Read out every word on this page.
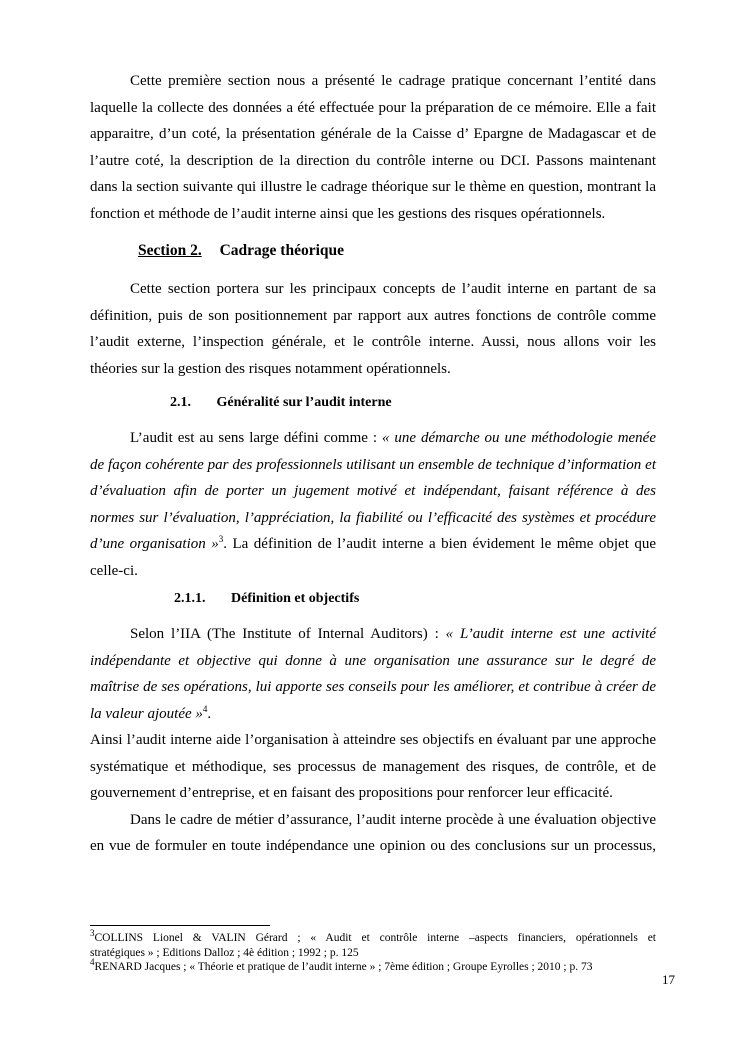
Cette première section nous a présenté le cadrage pratique concernant l’entité dans
laquelle la collecte des données a été effectuée pour la préparation de ce mémoire. Elle a fait
apparaitre, d’un coté, la présentation générale de la Caisse d’ Epargne de Madagascar et de
l’autre coté, la description de la direction du contrôle interne ou DCI. Passons maintenant
dans la section suivante qui illustre le cadrage théorique sur le thème en question, montrant la
fonction et méthode de l’audit interne ainsi que les gestions des risques opérationnels.
Section 2. Cadrage théorique
Cette section portera sur les principaux concepts de l’audit interne en partant de sa
définition, puis de son positionnement par rapport aux autres fonctions de contrôle comme
l’audit externe, l’inspection générale, et le contrôle interne. Aussi, nous allons voir les
théories sur la gestion des risques notamment opérationnels.
2.1. Généralité sur l’audit interne
L’audit est au sens large défini comme : « une démarche ou une méthodologie menée
de façon cohérente par des professionnels utilisant un ensemble de technique d’information et
d’évaluation afin de porter un jugement motivé et indépendant, faisant référence à des
normes sur l’évaluation, l’appréciation, la fiabilité ou l’efficacité des systèmes et procédure
d’une organisation »$^3$. La définition de l’audit interne a bien évidement le même objet que
celle-ci.
2.1.1. Définition et objectifs
Selon l’IIA (The Institute of Internal Auditors) : « L’audit interne est une activité
indépendante et objective qui donne à une organisation une assurance sur le degré de
maîtrise de ses opérations, lui apporte ses conseils pour les améliorer, et contribue à créer de
la valeur ajoutée »$^4$.
Ainsi l’audit interne aide l’organisation à atteindre ses objectifs en évaluant par une approche
systématique et méthodique, ses processus de management des risques, de contrôle, et de
gouvernement d’entreprise, et en faisant des propositions pour renforcer leur efficacité.
Dans le cadre de métier d’assurance, l’audit interne procède à une évaluation objective
en vue de formuler en toute indépendance une opinion ou des conclusions sur un processus,
$^3$COLLINS Lionel & VALIN Gérard ; « Audit et contrôle interne –aspects financiers, opérationnels et
stratégiques » ; Editions Dalloz ; 4è édition ; 1992 ; p. 125
$^4$RENARD Jacques ; « Théorie et pratique de l’audit interne » ; 7ème édition ; Groupe Eyrolles ; 2010 ; p. 73
17
